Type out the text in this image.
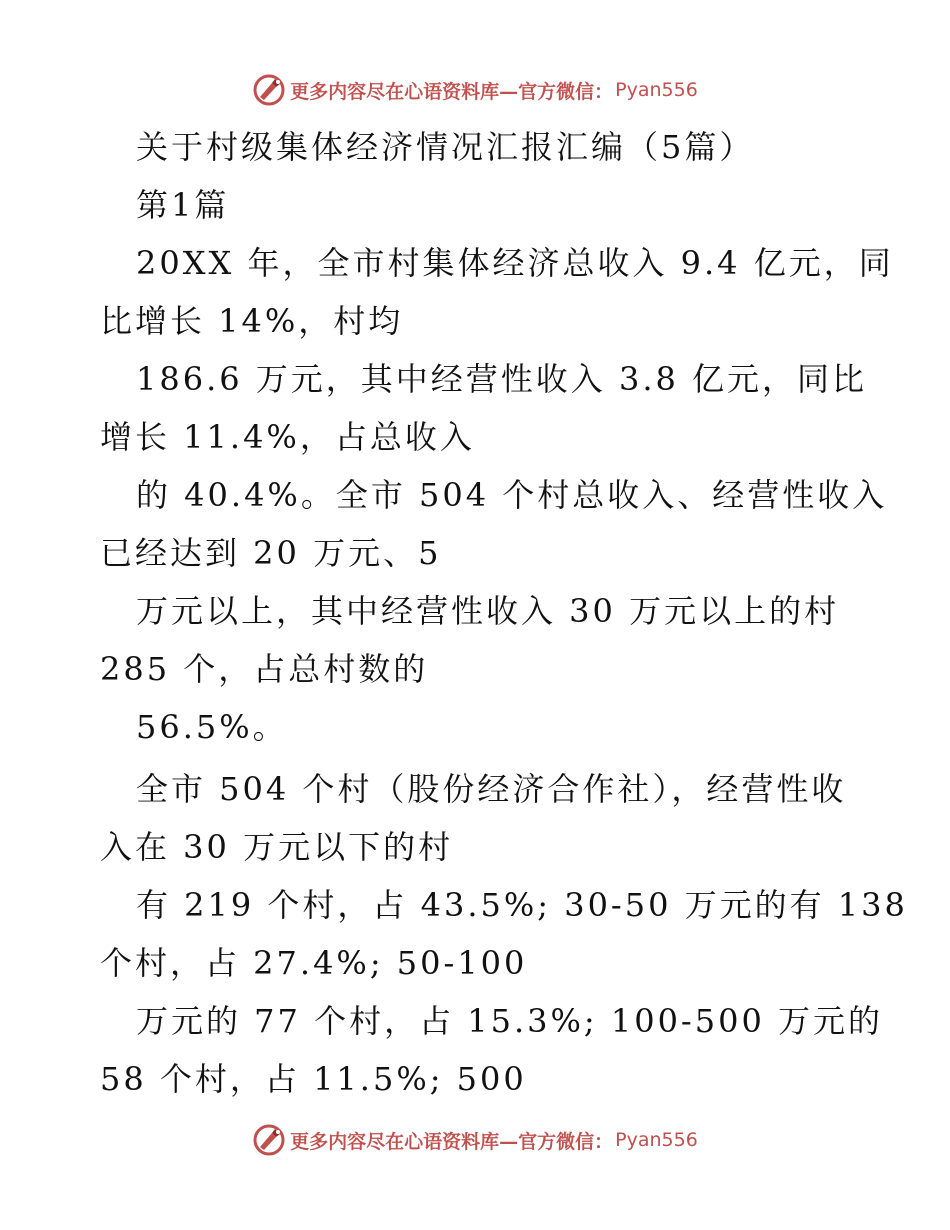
更多内容尽在心语资料库—官方微信： Pyan556
关于村级集体经济情况汇报汇编（5篇）
第1篇
20XX 年，全市村集体经济总收入 9.4 亿元，同
比增长 14%，村均
186.6 万元，其中经营性收入 3.8 亿元，同比
增长 11.4%，占总收入
的 40.4%。全市 504 个村总收入、经营性收入
已经达到 20 万元、5
万元以上，其中经营性收入 30 万元以上的村
285 个，占总村数的
56.5%。
全市 504 个村（股份经济合作社），经营性收
入在 30 万元以下的村
有 219 个村，占 43.5%; 30-50 万元的有 138
个村，占 27.4%; 50-100
万元的 77 个村，占 15.3%; 100-500 万元的
58 个村，占 11.5%; 500
更多内容尽在心语资料库—官方微信： Pyan556
